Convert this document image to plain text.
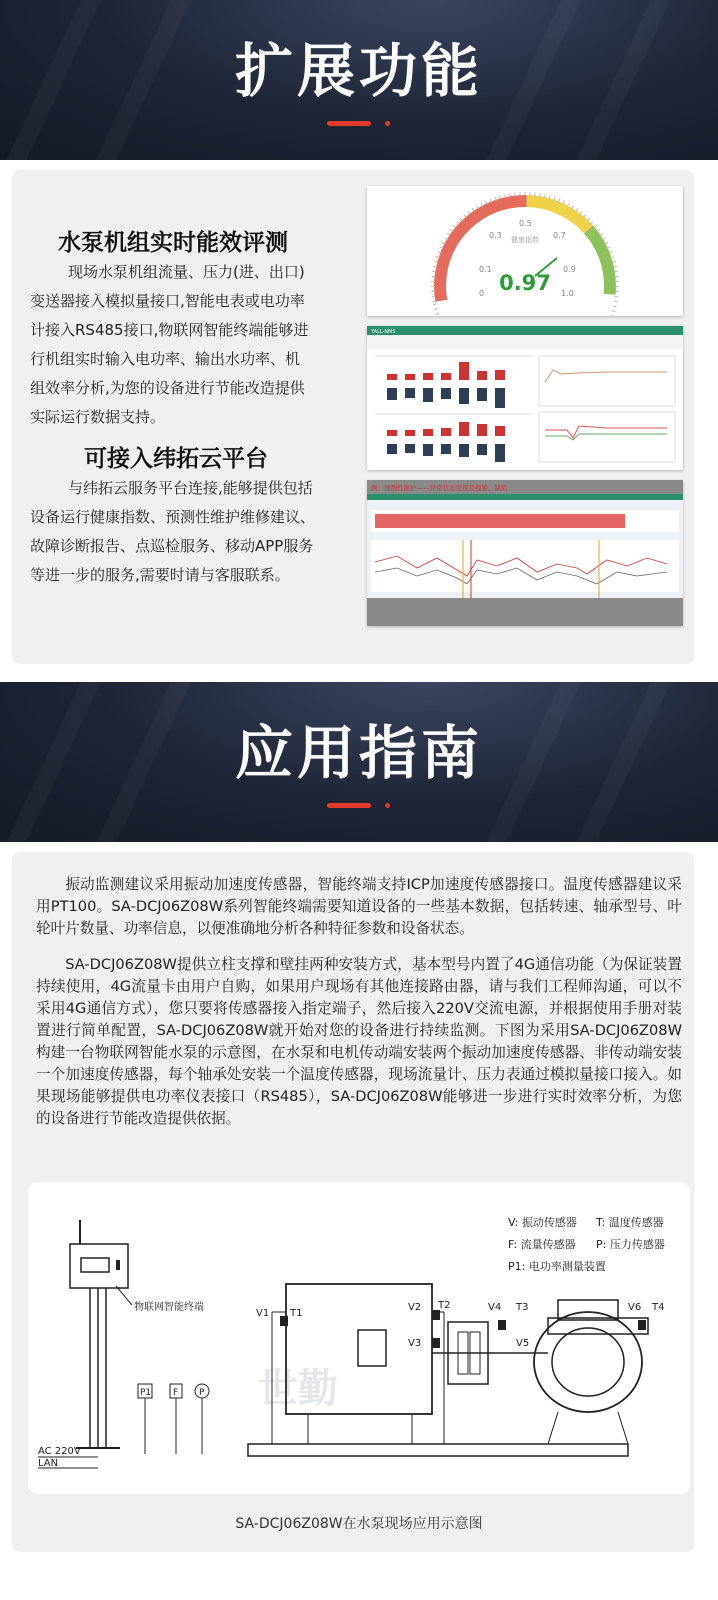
扩展功能
水泵机组实时能效评测
现场水泵机组流量、压力(进、出口)
变送器接入模拟量接口,智能电表或电功率
计接入RS485接口,物联网智能终端能够进
行机组实时输入电功率、输出水功率、机
组效率分析,为您的设备进行节能改造提供
实际运行数据支持。
可接入纬拓云平台
与纬拓云服务平台连接,能够提供包括
设备运行健康指数、预测性维护维修建议、
故障诊断报告、点巡检服务、移动APP服务
等进一步的服务,需要时请与客服联系。
0
0.1
0.3
0.5
0.7
0.9
1.0
健康指数
0.97
YALL-NMS
例：预测性维护——异常状态发现及报警，缺陷
应用指南

振动监测建议采用振动加速度传感器，智能终端支持ICP加速度传感器接口。温度传感器建议采用PT100。SA-DCJ06Z08W系列智能终端需要知道设备的一些基本数据，包括转速、轴承型号、叶轮叶片数量、功率信息，以便准确地分析各种特征参数和设备状态。

SA-DCJ06Z08W提供立柱支撑和壁挂两种安装方式，基本型号内置了4G通信功能（为保证装置持续使用，4G流量卡由用户自购，如果用户现场有其他连接路由器，请与我们工程师沟通，可以不采用4G通信方式），您只要将传感器接入指定端子，然后接入220V交流电源，并根据使用手册对装置进行简单配置，SA-DCJ06Z08W就开始对您的设备进行持续监测。下图为采用SA-DCJ06Z08W构建一台物联网智能水泵的示意图，在水泵和电机传动端安装两个振动加速度传感器、非传动端安装一个加速度传感器，每个轴承处安装一个温度传感器，现场流量计、压力表通过模拟量接口接入。如果现场能够提供电功率仪表接口（RS485），SA-DCJ06Z08W能够进一步进行实时效率分析，为您的设备进行节能改造提供依据。

世勤
物联网智能终端
AC 220V
LAN
P1 F P
V: 振动传感器 T: 温度传感器
F: 流量传感器 P: 压力传感器
P1: 电功率测量装置
V1 T1
V2
V3
T2	V4 T3
V5
V6 T4
SA-DCJ06Z08W在水泵现场应用示意图
